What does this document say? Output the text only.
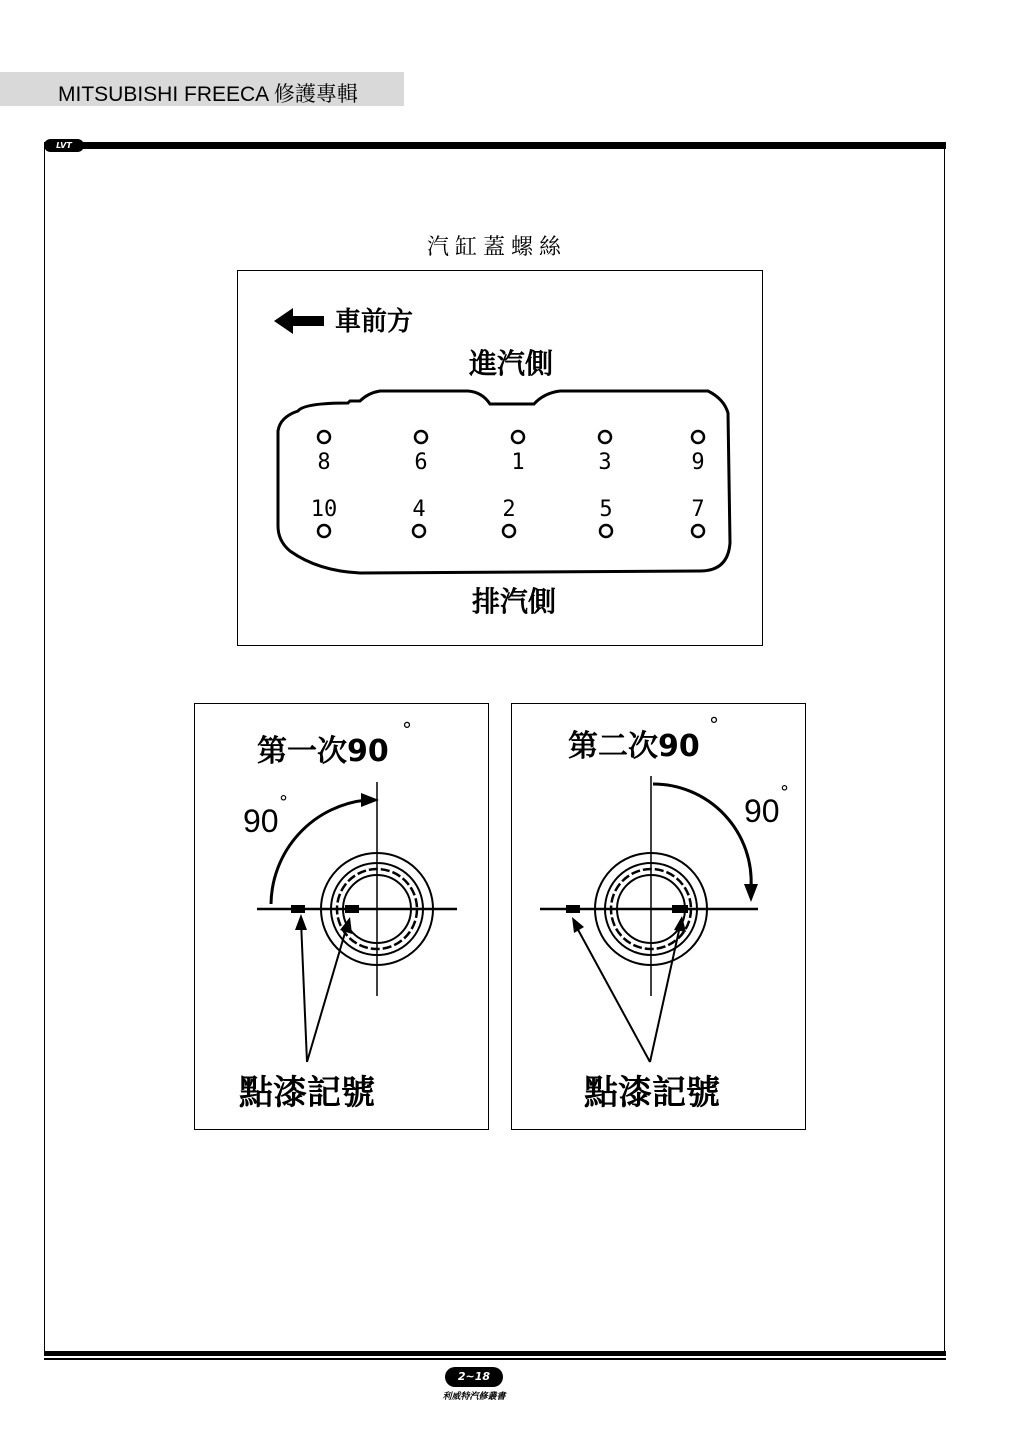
MITSUBISHI FREECA 修護專輯
LVT
汽缸蓋螺絲
車前方
進汽側
8	6	1	3	9
10	4	2	5	7
排汽側
第一次90
°
90
°
點漆記號
第二次90
°
90
°
點漆記號
2~18
利威特汽修叢書
